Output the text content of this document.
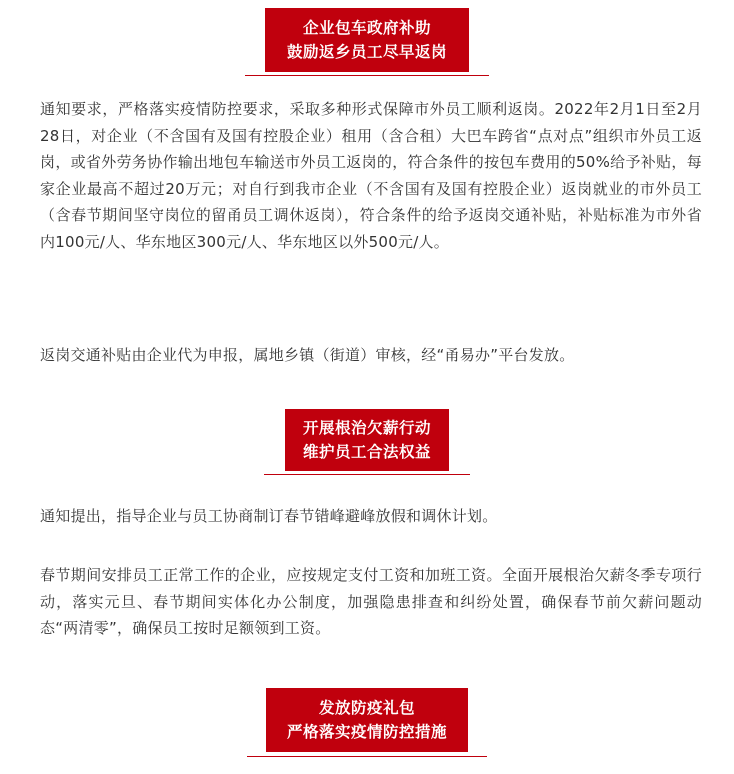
企业包车政府补助
鼓励返乡员工尽早返岗

通知要求，严格落实疫情防控要求，采取多种形式保障市外员工顺利返岗。2022年2月1日至2月28日，对企业（不含国有及国有控股企业）租用（含合租）大巴车跨省“点对点”组织市外员工返岗，或省外劳务协作输出地包车输送市外员工返岗的，符合条件的按包车费用的50%给予补贴，每家企业最高不超过20万元；对自行到我市企业（不含国有及国有控股企业）返岗就业的市外员工（含春节期间坚守岗位的留甬员工调休返岗），符合条件的给予返岗交通补贴，补贴标准为市外省内100元/人、华东地区300元/人、华东地区以外500元/人。

返岗交通补贴由企业代为申报，属地乡镇（街道）审核，经“甬易办”平台发放。

开展根治欠薪行动
维护员工合法权益

通知提出，指导企业与员工协商制订春节错峰避峰放假和调休计划。

春节期间安排员工正常工作的企业，应按规定支付工资和加班工资。全面开展根治欠薪冬季专项行动，落实元旦、春节期间实体化办公制度，加强隐患排查和纠纷处置，确保春节前欠薪问题动态“两清零”，确保员工按时足额领到工资。

发放防疫礼包
严格落实疫情防控措施
